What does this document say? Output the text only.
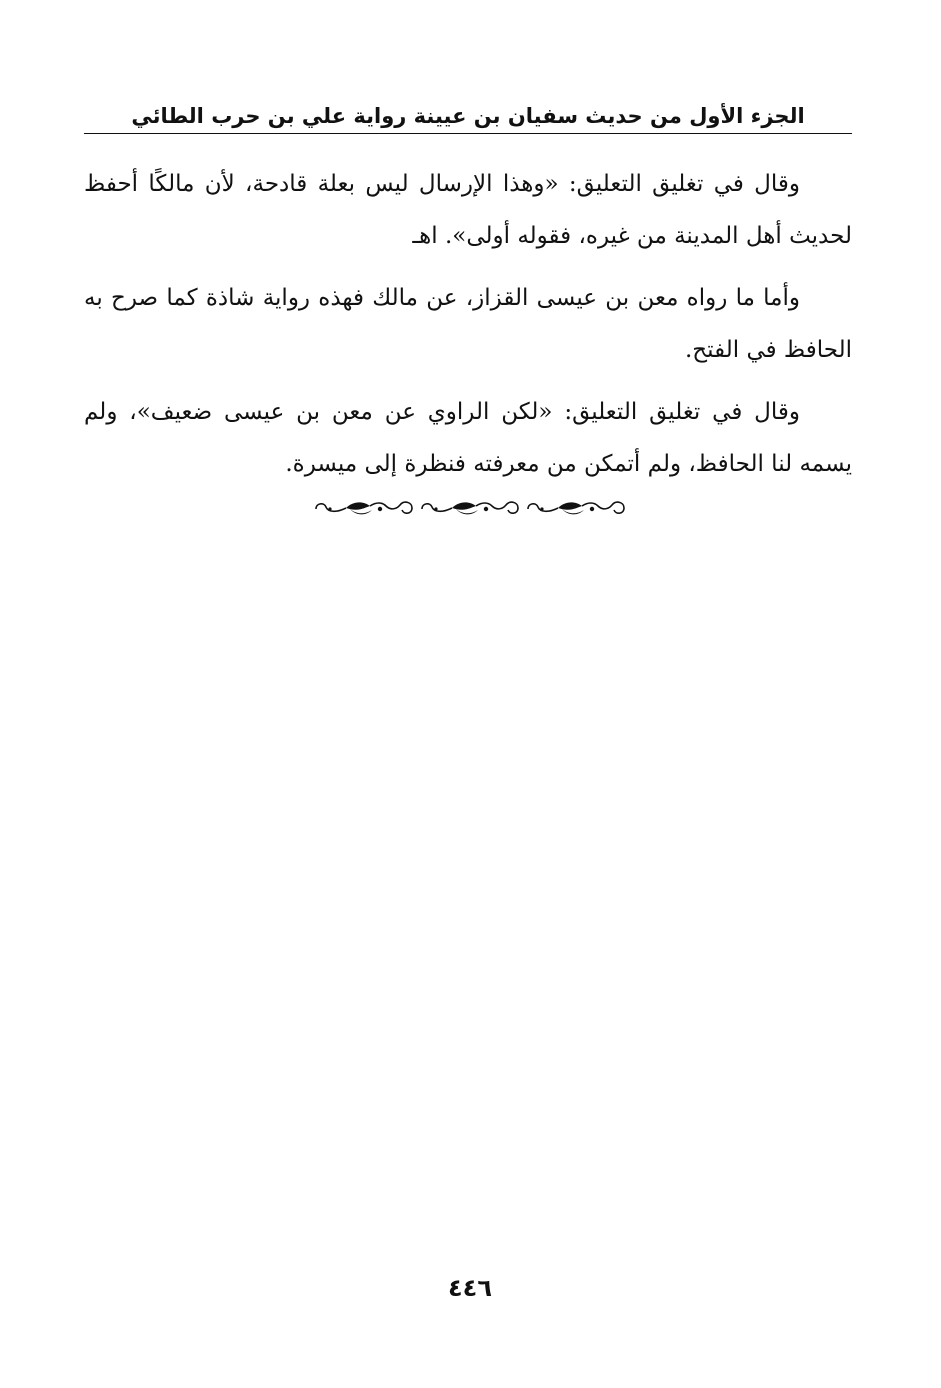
الجزء الأول من حديث سفيان بن عيينة رواية علي بن حرب الطائي

وقال في تغليق التعليق: «وهذا الإرسال ليس بعلة قادحة، لأن مالكًا أحفظ لحديث أهل المدينة من غيره، فقوله أولى». اهـ

وأما ما رواه معن بن عيسى القزاز، عن مالك فهذه رواية شاذة كما صرح به الحافظ في الفتح.

وقال في تغليق التعليق: «لكن الراوي عن معن بن عيسى ضعيف»، ولم يسمه لنا الحافظ، ولم أتمكن من معرفته فنظرة إلى ميسرة.

٤٤٦
